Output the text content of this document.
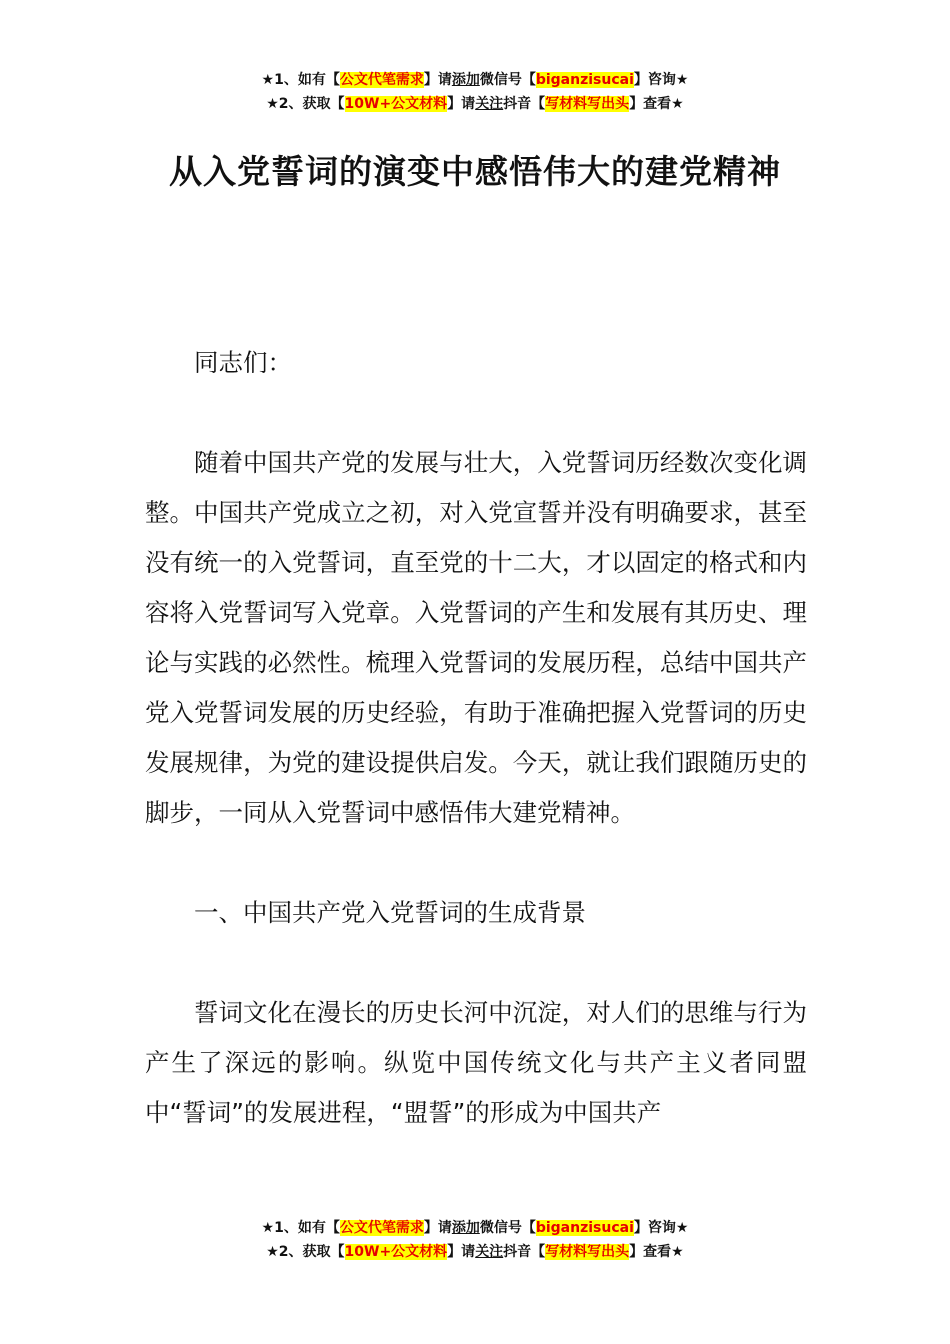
★1、如有【公文代笔需求】请添加微信号【biganzisucai】咨询★
★2、获取【10W+公文材料】请关注抖音【写材料写出头】查看★
从入党誓词的演变中感悟伟大的建党精神

同志们：

随着中国共产党的发展与壮大，入党誓词历经数次变化调整。中国共产党成立之初，对入党宣誓并没有明确要求，甚至没有统一的入党誓词，直至党的十二大，才以固定的格式和内容将入党誓词写入党章。入党誓词的产生和发展有其历史、理论与实践的必然性。梳理入党誓词的发展历程，总结中国共产党入党誓词发展的历史经验，有助于准确把握入党誓词的历史发展规律，为党的建设提供启发。今天，就让我们跟随历史的脚步，一同从入党誓词中感悟伟大建党精神。

一、中国共产党入党誓词的生成背景

誓词文化在漫长的历史长河中沉淀，对人们的思维与行为产生了深远的影响。纵览中国传统文化与共产主义者同盟中“誓词”的发展进程，“盟誓”的形成为中国共产

★1、如有【公文代笔需求】请添加微信号【biganzisucai】咨询★
★2、获取【10W+公文材料】请关注抖音【写材料写出头】查看★
